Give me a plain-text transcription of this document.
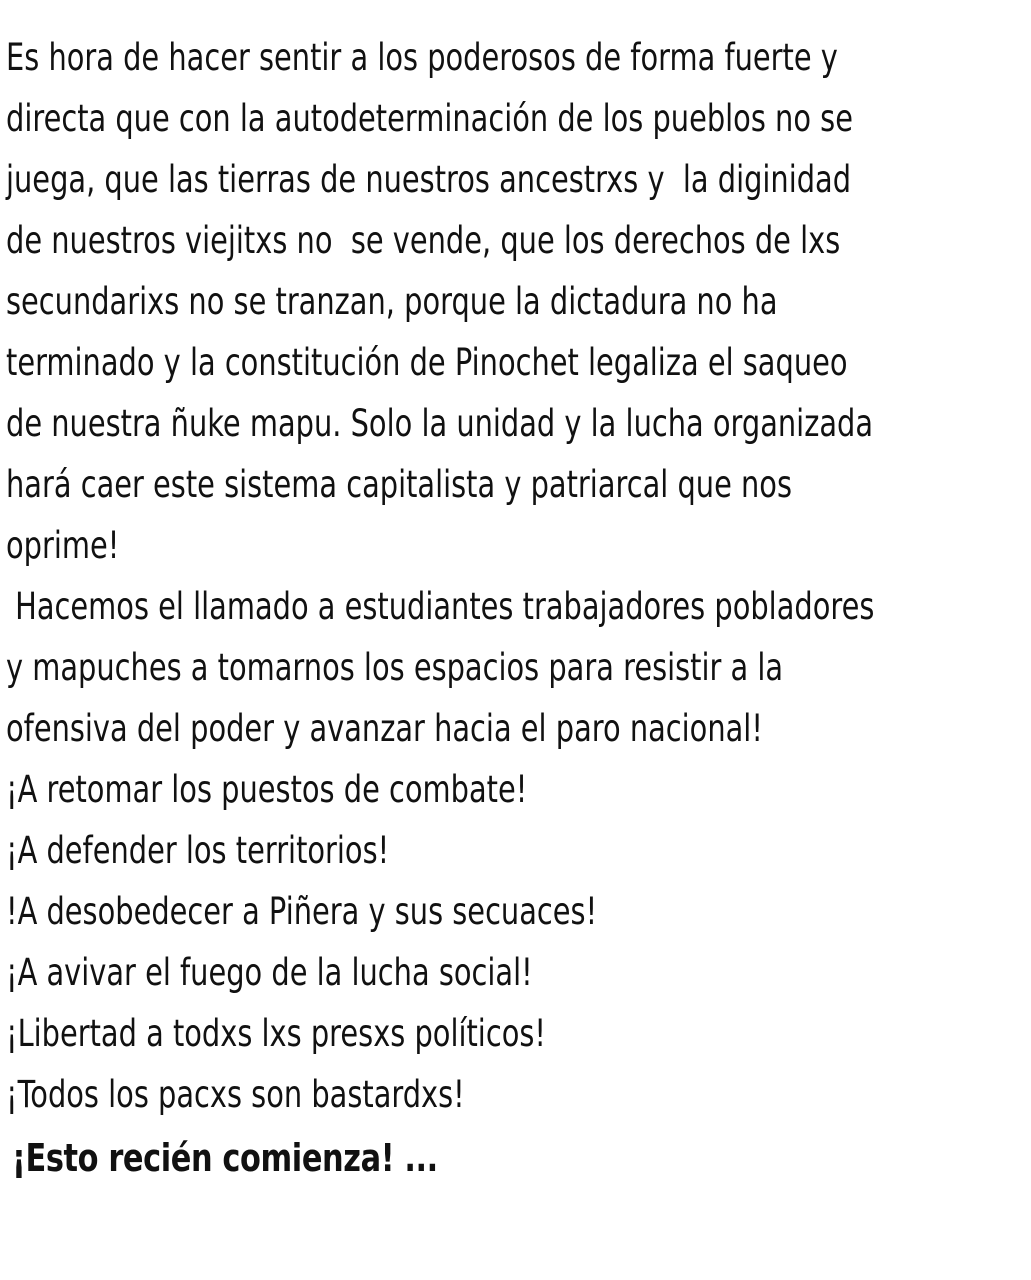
Es hora de hacer sentir a los poderosos de forma fuerte y
directa que con la autodeterminación de los pueblos no se
juega, que las tierras de nuestros ancestrxs y  la diginidad
de nuestros viejitxs no  se vende, que los derechos de lxs
secundarixs no se tranzan, porque la dictadura no ha
terminado y la constitución de Pinochet legaliza el saqueo
de nuestra ñuke mapu. Solo la unidad y la lucha organizada
hará caer este sistema capitalista y patriarcal que nos
oprime!
Hacemos el llamado a estudiantes trabajadores pobladores
y mapuches a tomarnos los espacios para resistir a la
ofensiva del poder y avanzar hacia el paro nacional!
¡A retomar los puestos de combate!
¡A defender los territorios!
!A desobedecer a Piñera y sus secuaces!
¡A avivar el fuego de la lucha social!
¡Libertad a todxs lxs presxs políticos!
¡Todos los pacxs son bastardxs!
¡Esto recién comienza! ...
